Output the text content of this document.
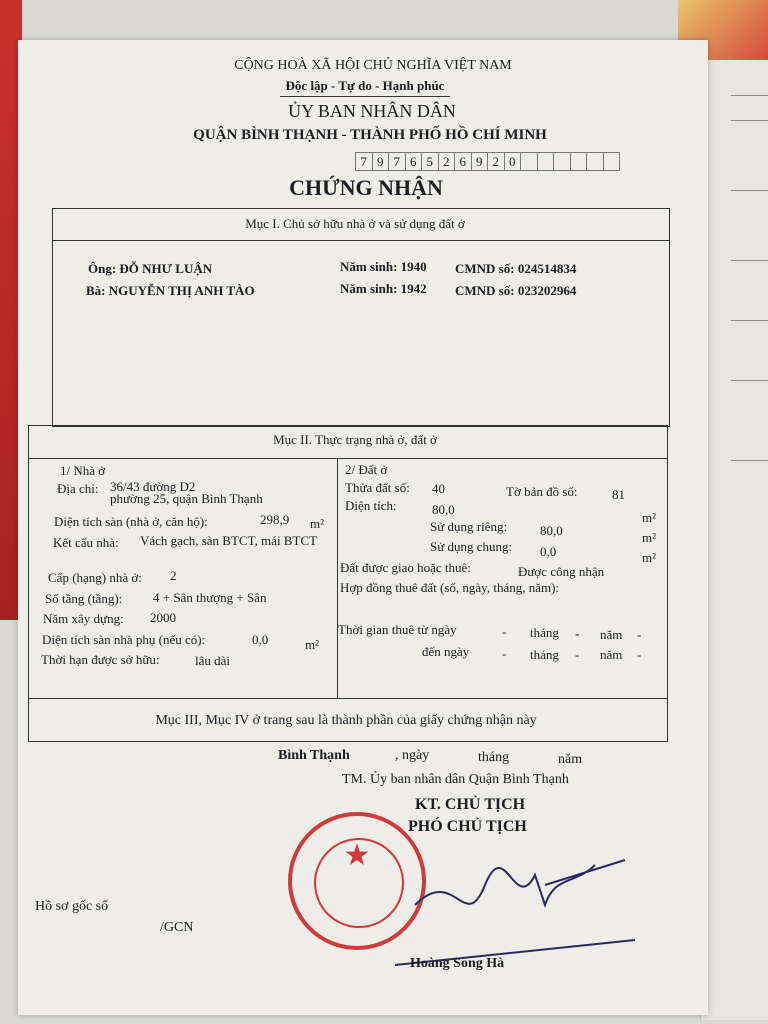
CỘNG HOÀ XÃ HỘI CHỦ NGHĨA VIỆT NAM
Độc lập - Tự do - Hạnh phúc
ỦY BAN NHÂN DÂN
QUẬN BÌNH THẠNH - THÀNH PHỐ HỒ CHÍ MINH
7 9 7 6 5 2 6 9 2 0
CHỨNG NHẬN
Mục I. Chủ sở hữu nhà ở và sử dụng đất ở
Ông: ĐỖ NHƯ LUẬN	Năm sinh: 1940 CMND số: 024514834
Bà: NGUYỄN THỊ ANH TÀO	Năm sinh: 1942 CMND số: 023202964
Mục II. Thực trạng nhà ở, đất ở
1/ Nhà ở
Địa chỉ: 36/43 đường D2
phường 25, quận Bình Thạnh
Diện tích sàn (nhà ở, căn hộ):	298,9 m²
Kết cấu nhà: Vách gạch, sàn BTCT, mái BTCT
Cấp (hạng) nhà ở: 2
Số tầng (tầng): 4 + Sân thượng + Sân
Năm xây dựng: 2000
Diện tích sàn nhà phụ (nếu có):	0,0	m²
Thời hạn được sở hữu:	lâu dài
2/ Đất ở
Thửa đất số: 40	Tờ bản đồ số:	81
Diện tích:	80,0
m²
Sử dụng riêng:	80,0	m²
Sử dụng chung: 0,0	m²
Đất được giao hoặc thuê:	Được công nhận
Hợp đồng thuê đất (số, ngày, tháng, năm):
Thời gian thuê từ ngày	- tháng - năm -
đến ngày	- tháng - năm -
Mục III, Mục IV ở trang sau là thành phần của giấy chứng nhận này
Bình Thạnh	, ngày	tháng	năm
TM. Ủy ban nhân dân Quận Bình Thạnh
KT. CHỦ TỊCH
PHÓ CHỦ TỊCH
★
Hoàng Song Hà
Hồ sơ gốc số
/GCN
